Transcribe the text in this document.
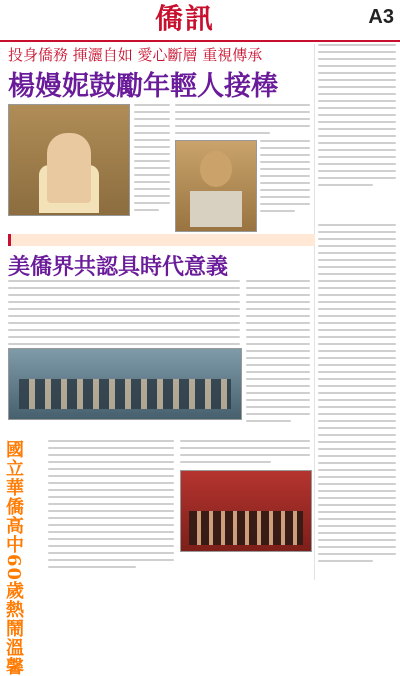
僑訊	A3
投身僑務 揮灑自如 愛心斷層 重視傳承
楊嫚妮鼓勵年輕人接棒
美僑界共認具時代意義
國立華僑高中60歲熱鬧溫馨
